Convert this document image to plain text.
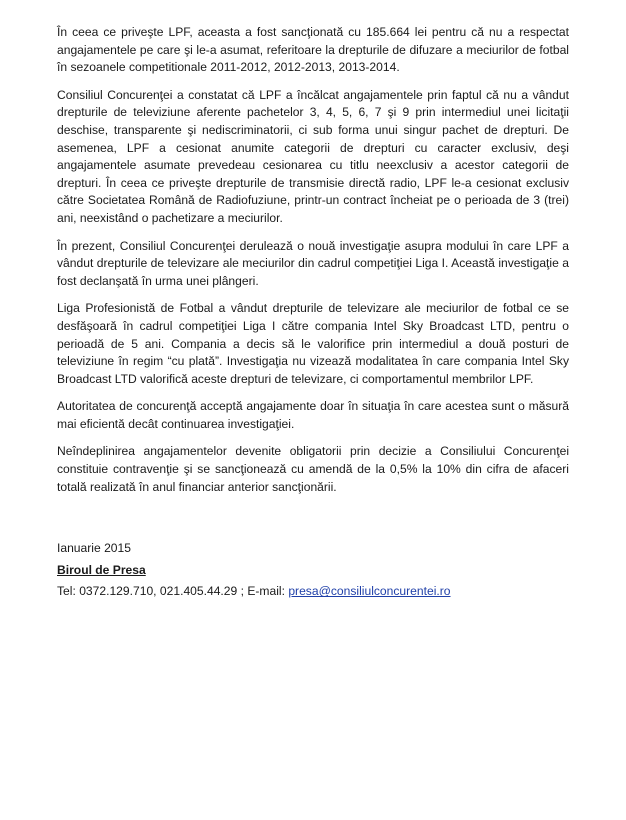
În ceea ce priveşte LPF, aceasta a fost sancţionată cu 185.664 lei pentru că nu a respectat angajamentele pe care şi le-a asumat, referitoare la drepturile de difuzare a meciurilor de fotbal în sezoanele competitionale 2011-2012, 2012-2013, 2013-2014.

Consiliul Concurenţei a constatat că LPF a încălcat angajamentele prin faptul că nu a vândut drepturile de televiziune aferente pachetelor 3, 4, 5, 6, 7 şi 9 prin intermediul unei licitaţii deschise, transparente şi nediscriminatorii, ci sub forma unui singur pachet de drepturi. De asemenea, LPF a cesionat anumite categorii de drepturi cu caracter exclusiv, deşi angajamentele asumate prevedeau cesionarea cu titlu neexclusiv a acestor categorii de drepturi. În ceea ce priveşte drepturile de transmisie directă radio, LPF le-a cesionat exclusiv către Societatea Română de Radiofuziune, printr-un contract încheiat pe o perioada de 3 (trei) ani, neexistând o pachetizare a meciurilor.

În prezent, Consiliul Concurenţei derulează o nouă investigaţie asupra modului în care LPF a vândut drepturile de televizare ale meciurilor din cadrul competiţiei Liga I. Această investigaţie a fost declanşată în urma unei plângeri.

Liga Profesionistă de Fotbal a vândut drepturile de televizare ale meciurilor de fotbal ce se desfăşoară în cadrul competiţiei Liga I către compania Intel Sky Broadcast LTD, pentru o perioadă de 5 ani. Compania a decis să le valorifice prin intermediul a două posturi de televiziune în regim “cu plată”. Investigaţia nu vizează modalitatea în care compania Intel Sky Broadcast LTD valorifică aceste drepturi de televizare, ci comportamentul membrilor LPF.

Autoritatea de concurenţă acceptă angajamente doar în situaţia în care acestea sunt o măsură mai eficientă decât continuarea investigaţiei.

Neîndeplinirea angajamentelor devenite obligatorii prin decizie a Consiliului Concurenţei constituie contravenţie şi se sancţionează cu amendă de la 0,5% la 10% din cifra de afaceri totală realizată în anul financiar anterior sancţionării.

Ianuarie 2015

Biroul de Presa

Tel: 0372.129.710, 021.405.44.29 ; E-mail: presa@consiliulconcurentei.ro
